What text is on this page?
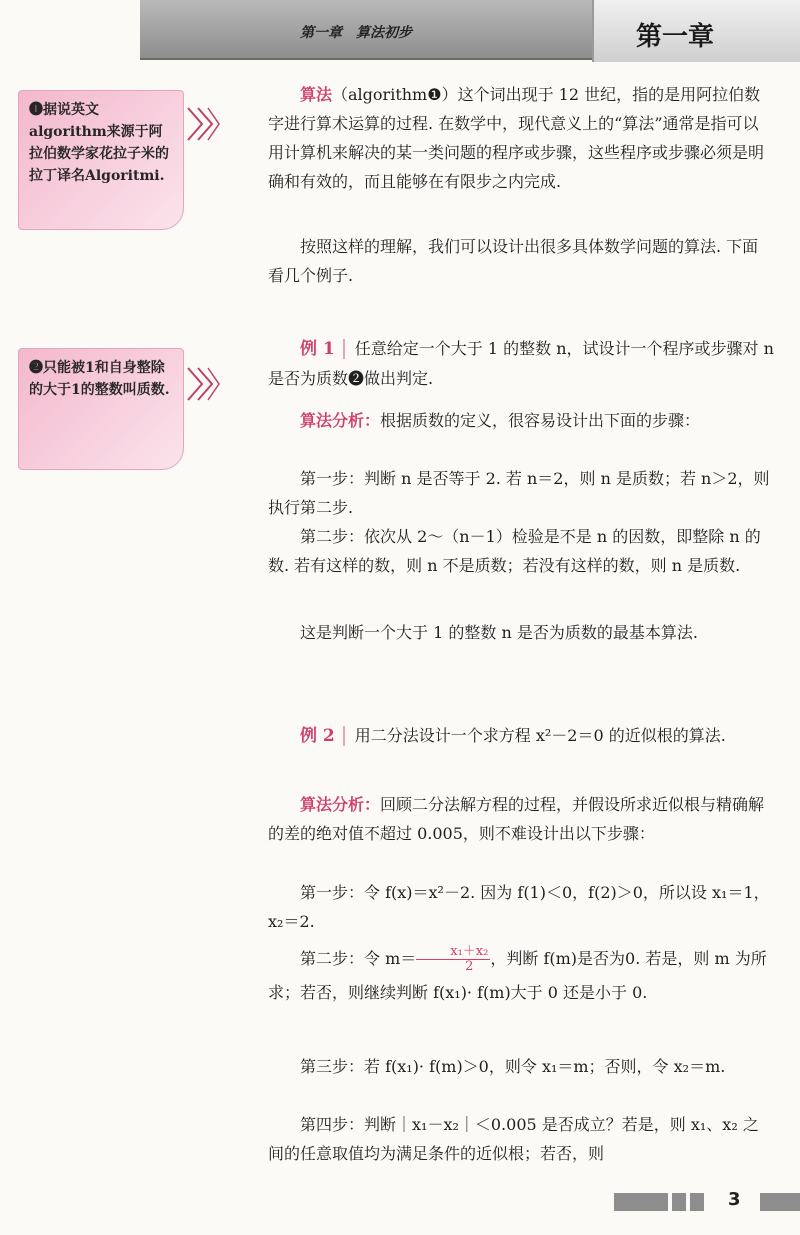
第一章　算法初步	第一章
❶据说英文algorithm来源于阿拉伯数学家花拉子米的拉丁译名Algoritmi.
❷只能被1和自身整除的大于1的整数叫质数.
算法（algorithm❶）这个词出现于 12 世纪，指的是用阿拉伯数字进行算术运算的过程. 在数学中，现代意义上的“算法”通常是指可以用计算机来解决的某一类问题的程序或步骤，这些程序或步骤必须是明确和有效的，而且能够在有限步之内完成.
按照这样的理解，我们可以设计出很多具体数学问题的算法. 下面看几个例子.
例 1 任意给定一个大于 1 的整数 n，试设计一个程序或步骤对 n 是否为质数❷做出判定.
算法分析：根据质数的定义，很容易设计出下面的步骤：
第一步：判断 n 是否等于 2. 若 n＝2，则 n 是质数；若 n＞2，则执行第二步.
第二步：依次从 2～（n－1）检验是不是 n 的因数，即整除 n 的数. 若有这样的数，则 n 不是质数；若没有这样的数，则 n 是质数.
这是判断一个大于 1 的整数 n 是否为质数的最基本算法.
例 2 用二分法设计一个求方程 x²－2＝0 的近似根的算法.
算法分析：回顾二分法解方程的过程，并假设所求近似根与精确解的差的绝对值不超过 0.005，则不难设计出以下步骤：
第一步：令 f(x)＝x²－2. 因为 f(1)＜0，f(2)＞0，所以设 x₁＝1，x₂＝2.
第二步：令 $m= \frac{\text{x₁＋x₂}}{2}$ ，判断 f(m)是否为0. 若是，则 m 为所求；若否，则继续判断 f(x₁)· f(m)大于 0 还是小于 0.
第三步：若 f(x₁)· f(m)＞0，则令 x₁＝m；否则，令 x₂＝m.
第四步：判断｜x₁－x₂｜＜0.005 是否成立？若是，则 x₁、x₂ 之间的任意取值均为满足条件的近似根；若否，则
3
